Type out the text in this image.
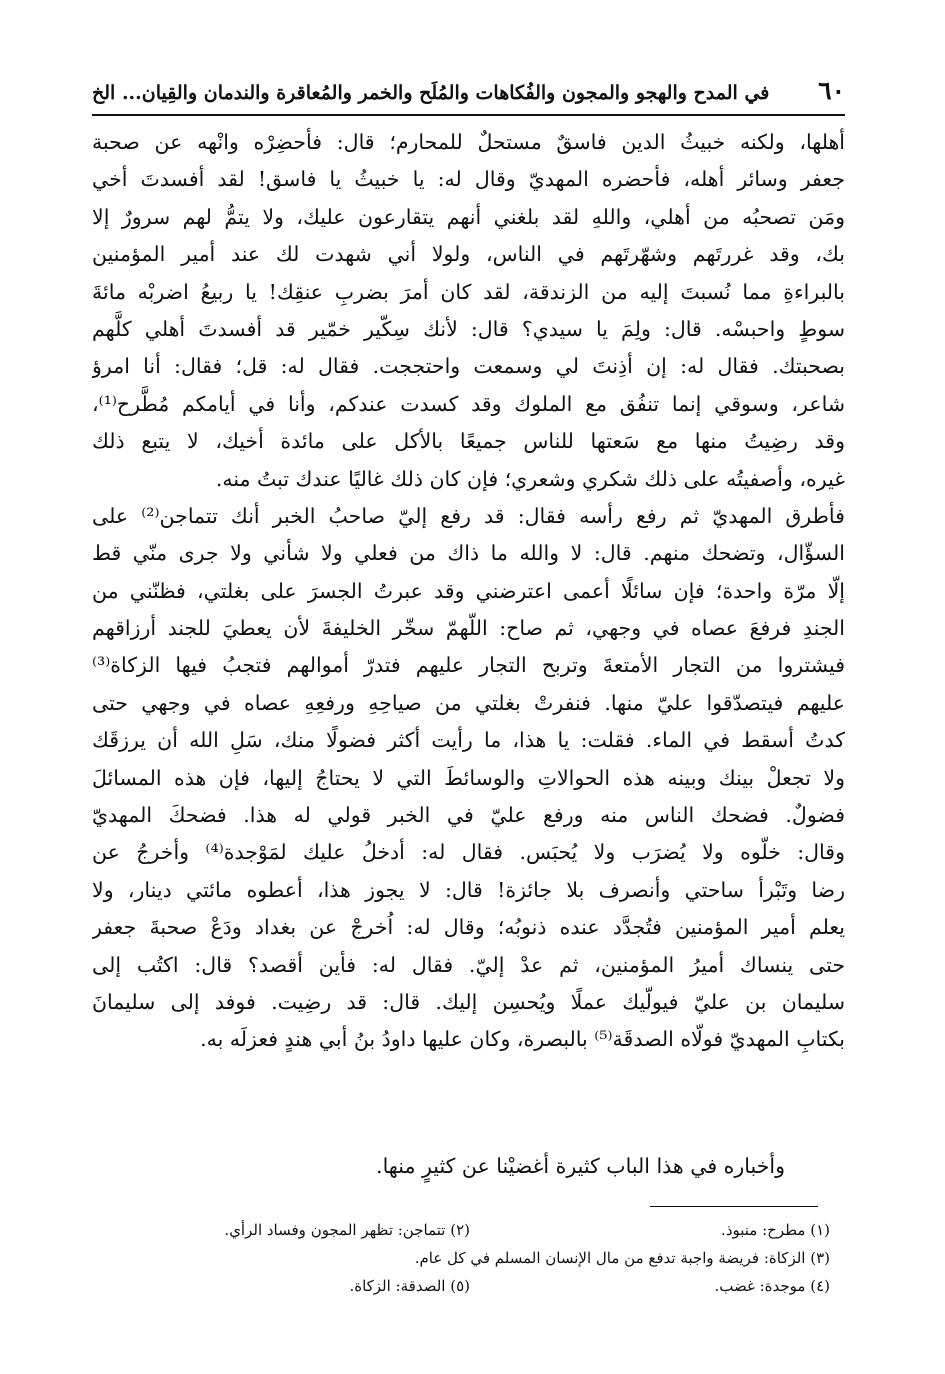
٦٠
في المدح والهجو والمجون والفُكاهات والمُلَح والخمر والمُعاقرة والندمان والقِيان... الخ
أهلها، ولكنه خبيثُ الدين فاسقٌ مستحلٌ للمحارم؛ قال: فأحضِرْه وانْهه عن صحبة
جعفر وسائر أهله، فأحضره المهديّ وقال له: يا خبيثُ يا فاسق! لقد أفسدتَ أخي
ومَن تصحبُه من أهلي، واللهِ لقد بلغني أنهم يتقارعون عليك، ولا يتمُّ لهم سرورٌ إلا
بك، وقد غررتَهم وشهّرتَهم في الناس، ولولا أني شهدت لك عند أمير المؤمنين
بالبراءةِ مما نُسبتَ إليه من الزندقة، لقد كان أمرَ بضربِ عنقِك! يا ربيعُ اضربْه مائةَ
سوطٍ واحبسْه. قال: ولِمَ يا سيدي؟ قال: لأنك سِكّير خمّير قد أفسدتَ أهلي كلَّهم
بصحبتك. فقال له: إن أذِنتَ لي وسمعت واحتججت. فقال له: قل؛ فقال: أنا امرؤ
شاعر، وسوقي إنما تنفُق مع الملوك وقد كسدت عندكم، وأنا في أيامكم مُطَّرح⁽¹⁾،
وقد رضِيتُ منها مع سَعتها للناس جميعًا بالأكل على مائدة أخيك، لا يتبع ذلك
غيره، وأصفيتُه على ذلك شكري وشعري؛ فإن كان ذلك غاليًا عندك تبتُ منه.
فأطرق المهديّ ثم رفع رأسه فقال: قد رفع إليّ صاحبُ الخبر أنك تتماجن⁽²⁾ على
السؤّال، وتضحك منهم. قال: لا والله ما ذاك من فعلي ولا شأني ولا جرى منّي قط
إلّا مرّة واحدة؛ فإن سائلًا أعمى اعترضني وقد عبرتُ الجسرَ على بغلتي، فظنّني من
الجندِ فرفعَ عصاه في وجهي، ثم صاح: اللّهمّ سخّر الخليفةَ لأن يعطيَ للجند أرزاقهم
فيشتروا من التجار الأمتعةَ وتربح التجار عليهم فتدرّ أموالهم فتجبُ فيها الزكاة⁽³⁾
عليهم فيتصدّقوا عليّ منها. فنفرتْ بغلتي من صياحِهِ ورفعِهِ عصاه في وجهي حتى
كدتُ أسقط في الماء. فقلت: يا هذا، ما رأيت أكثر فضولًا منك، سَلِ الله أن يرزقَك
ولا تجعلْ بينك وبينه هذه الحوالاتِ والوسائطَ التي لا يحتاجُ إليها، فإن هذه المسائلَ
فضولٌ. فضحك الناس منه ورفع عليّ في الخبر قولي له هذا. فضحكَ المهديّ
وقال: خلّوه ولا يُضرَب ولا يُحبَس. فقال له: أدخلُ عليك لمَوْجدة⁽⁴⁾ وأخرجُ عن
رضا وتَبْرأ ساحتي وأنصرف بلا جائزة! قال: لا يجوز هذا، أعطوه مائتي دينار، ولا
يعلم أمير المؤمنين فتُجدَّد عنده ذنوبُه؛ وقال له: اُخرجْ عن بغداد ودَعْ صحبةَ جعفر
حتى ينساك أميرُ المؤمنين، ثم عدْ إليّ. فقال له: فأين أقصد؟ قال: اكتُب إلى
سليمان بن عليّ فيولّيك عملًا ويُحسِن إليك. قال: قد رضِيت. فوفد إلى سليمانَ
بكتابِ المهديّ فولّاه الصدقَة⁽⁵⁾ بالبصرة، وكان عليها داودُ بنُ أبي هندٍ فعزلَه به.
وأخباره في هذا الباب كثيرة أغضيْنا عن كثيرٍ منها.
(١) مطرح: منبوذ.
(٢) تتماجن: تظهر المجون وفساد الرأي.
(٣) الزكاة: فريضة واجبة تدفع من مال الإنسان المسلم في كل عام.
(٤) موجدة: غضب.
(٥) الصدقة: الزكاة.
